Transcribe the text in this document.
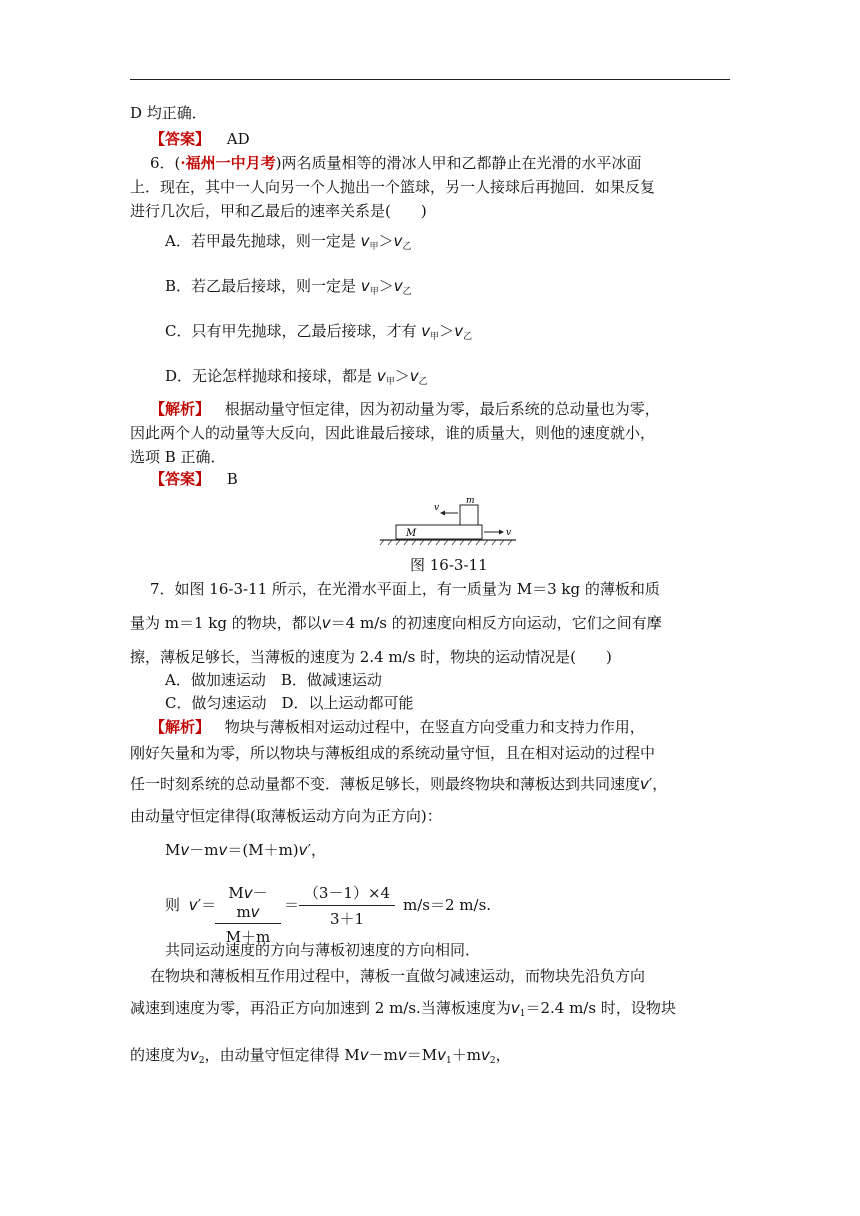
D 均正确．
【答案】 AD
6．(·福州一中月考)两名质量相等的滑冰人甲和乙都静止在光滑的水平冰面
上．现在，其中一人向另一个人抛出一个篮球，另一人接球后再抛回．如果反复
进行几次后，甲和乙最后的速率关系是(　　)
A．若甲最先抛球，则一定是 $v_甲>v_乙$
B．若乙最后接球，则一定是 $v_甲>v_乙$
C．只有甲先抛球，乙最后接球，才有 $v_甲>v_乙$
D．无论怎样抛球和接球，都是 $v_甲>v_乙$
【解析】 根据动量守恒定律，因为初动量为零，最后系统的总动量也为零，
因此两个人的动量等大反向，因此谁最后接球，谁的质量大，则他的速度就小，
选项 B 正确．
【答案】 B
m
M
v
v
图 16-3-11
7．如图 16-3-11 所示，在光滑水平面上，有一质量为 M＝3 kg 的薄板和质
量为 m＝1 kg 的物块，都以v＝4 m/s 的初速度向相反方向运动，它们之间有摩
擦，薄板足够长，当薄板的速度为 2.4 m/s 时，物块的运动情况是(　　)
A．做加速运动　B．做减速运动
C．做匀速运动　D．以上运动都可能
【解析】 物块与薄板相对运动过程中，在竖直方向受重力和支持力作用，
刚好矢量和为零，所以物块与薄板组成的系统动量守恒，且在相对运动的过程中
任一时刻系统的总动量都不变．薄板足够长，则最终物块和薄板达到共同速度v′，
由动量守恒定律得(取薄板运动方向为正方向)：
Mv－mv＝(M＋m)v′，
则 v′＝
Mv－mv
M＋m
＝
（3－1）×4
3＋1
m/s＝2 m/s.
共同运动速度的方向与薄板初速度的方向相同．
在物块和薄板相互作用过程中，薄板一直做匀减速运动，而物块先沿负方向
减速到速度为零，再沿正方向加速到 2 m/s.当薄板速度为$v_1=2.4$ m/s 时，设物块
的速度为$v_2$，由动量守恒定律得 $Mv-mv=Mv_1+mv_2$，
